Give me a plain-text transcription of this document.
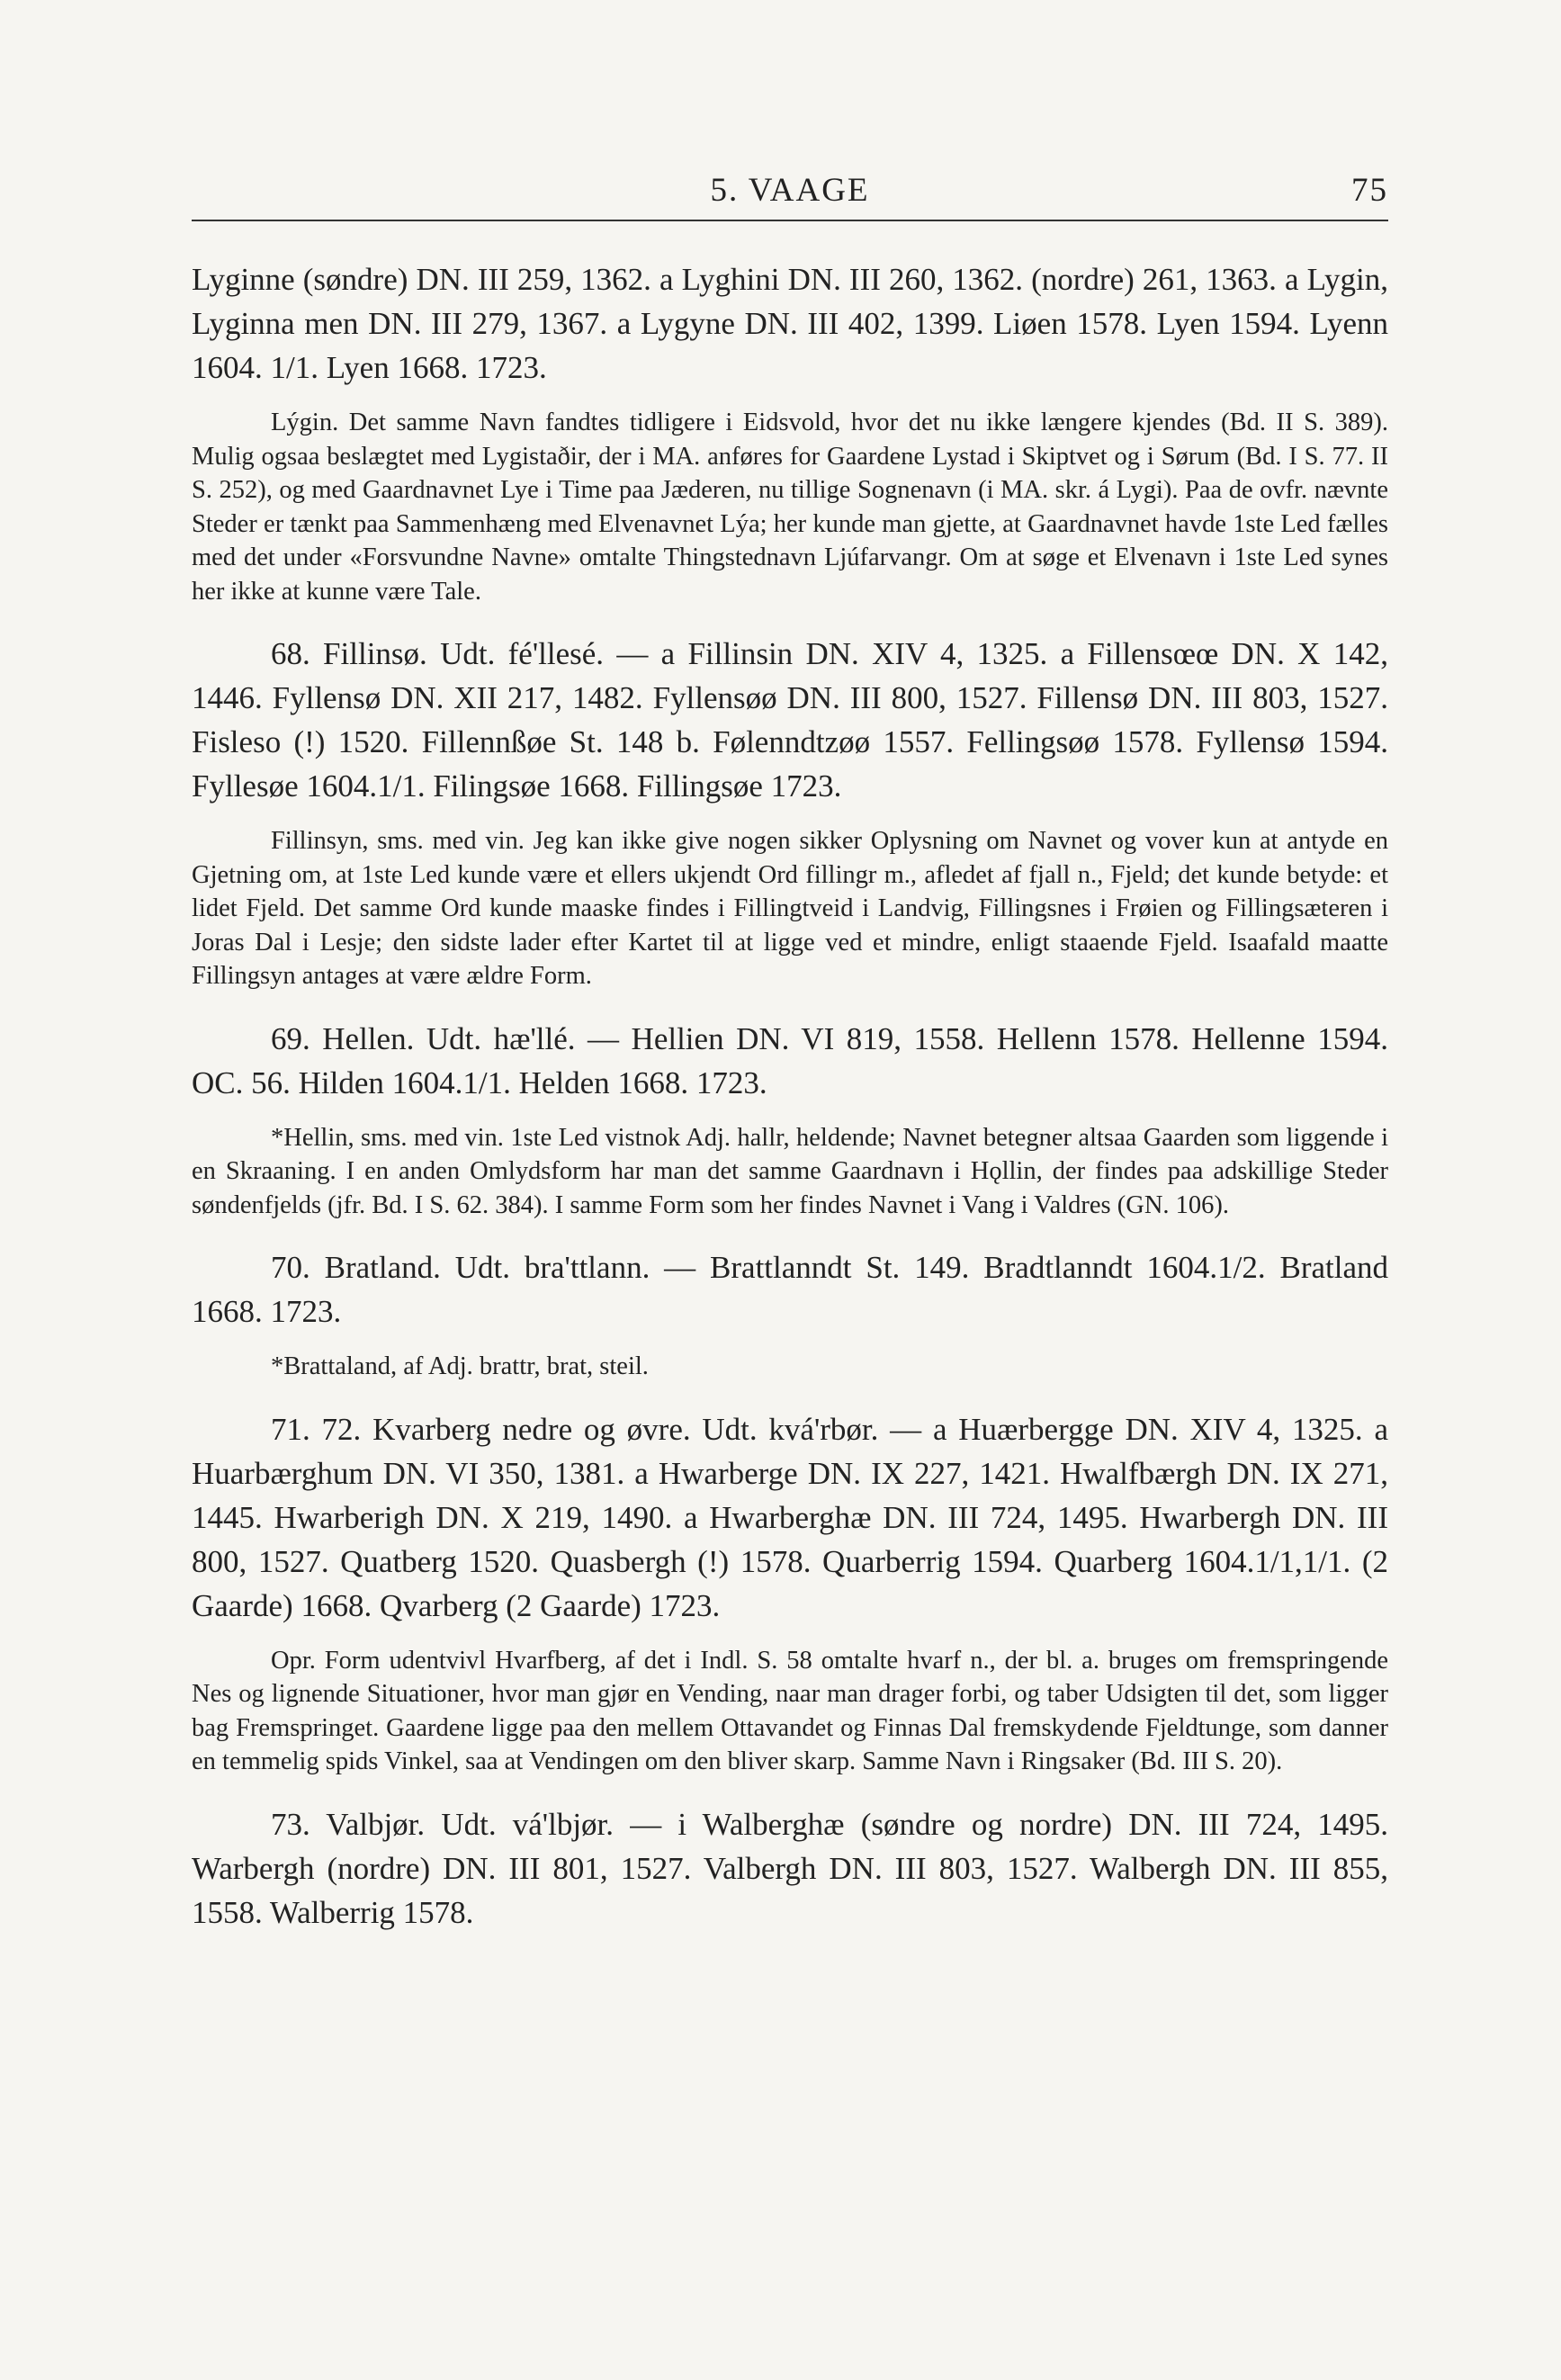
5. VAAGE	75

Lyginne (søndre) DN. III 259, 1362. a Lyghini DN. III 260, 1362. (nordre) 261, 1363. a Lygin, Lyginna men DN. III 279, 1367. a Lygyne DN. III 402, 1399. Liøen 1578. Lyen 1594. Lyenn 1604. 1/1. Lyen 1668. 1723.

Lýgin. Det samme Navn fandtes tidligere i Eidsvold, hvor det nu ikke længere kjendes (Bd. II S. 389). Mulig ogsaa beslægtet med Lygistaðir, der i MA. anføres for Gaardene Lystad i Skiptvet og i Sørum (Bd. I S. 77. II S. 252), og med Gaardnavnet Lye i Time paa Jæderen, nu tillige Sognenavn (i MA. skr. á Lygi). Paa de ovfr. nævnte Steder er tænkt paa Sammenhæng med Elvenavnet Lýa; her kunde man gjette, at Gaardnavnet havde 1ste Led fælles med det under «Forsvundne Navne» omtalte Thingstednavn Ljúfarvangr. Om at søge et Elvenavn i 1ste Led synes her ikke at kunne være Tale.

68. Fillinsø. Udt. fé'llesé. — a Fillinsin DN. XIV 4, 1325. a Fillensœœ DN. X 142, 1446. Fyllensø DN. XII 217, 1482. Fyllensøø DN. III 800, 1527. Fillensø DN. III 803, 1527. Fisleso (!) 1520. Fillennßøe St. 148 b. Følenndtzøø 1557. Fellingsøø 1578. Fyllensø 1594. Fyllesøe 1604.1/1. Filingsøe 1668. Fillingsøe 1723.

Fillinsyn, sms. med vin. Jeg kan ikke give nogen sikker Oplysning om Navnet og vover kun at antyde en Gjetning om, at 1ste Led kunde være et ellers ukjendt Ord fillingr m., afledet af fjall n., Fjeld; det kunde betyde: et lidet Fjeld. Det samme Ord kunde maaske findes i Fillingtveid i Landvig, Fillingsnes i Frøien og Fillingsæteren i Joras Dal i Lesje; den sidste lader efter Kartet til at ligge ved et mindre, enligt staaende Fjeld. Isaafald maatte Fillingsyn antages at være ældre Form.

69. Hellen. Udt. hæ'llé. — Hellien DN. VI 819, 1558. Hellenn 1578. Hellenne 1594. OC. 56. Hilden 1604.1/1. Helden 1668. 1723.

*Hellin, sms. med vin. 1ste Led vistnok Adj. hallr, heldende; Navnet betegner altsaa Gaarden som liggende i en Skraaning. I en anden Omlydsform har man det samme Gaardnavn i Hǫllin, der findes paa adskillige Steder søndenfjelds (jfr. Bd. I S. 62. 384). I samme Form som her findes Navnet i Vang i Valdres (GN. 106).

70. Bratland. Udt. bra'ttlann. — Brattlanndt St. 149. Bradtlanndt 1604.1/2. Bratland 1668. 1723.

*Brattaland, af Adj. brattr, brat, steil.

71. 72. Kvarberg nedre og øvre. Udt. kvá'rbør. — a Huærbergge DN. XIV 4, 1325. a Huarbærghum DN. VI 350, 1381. a Hwarberge DN. IX 227, 1421. Hwalfbærgh DN. IX 271, 1445. Hwarberigh DN. X 219, 1490. a Hwarberghæ DN. III 724, 1495. Hwarbergh DN. III 800, 1527. Quatberg 1520. Quasbergh (!) 1578. Quarberrig 1594. Quarberg 1604.1/1,1/1. (2 Gaarde) 1668. Qvarberg (2 Gaarde) 1723.

Opr. Form udentvivl Hvarfberg, af det i Indl. S. 58 omtalte hvarf n., der bl. a. bruges om fremspringende Nes og lignende Situationer, hvor man gjør en Vending, naar man drager forbi, og taber Udsigten til det, som ligger bag Fremspringet. Gaardene ligge paa den mellem Ottavandet og Finnas Dal fremskydende Fjeldtunge, som danner en temmelig spids Vinkel, saa at Vendingen om den bliver skarp. Samme Navn i Ringsaker (Bd. III S. 20).

73. Valbjør. Udt. vá'lbjør. — i Walberghæ (søndre og nordre) DN. III 724, 1495. Warbergh (nordre) DN. III 801, 1527. Valbergh DN. III 803, 1527. Walbergh DN. III 855, 1558. Walberrig 1578.
